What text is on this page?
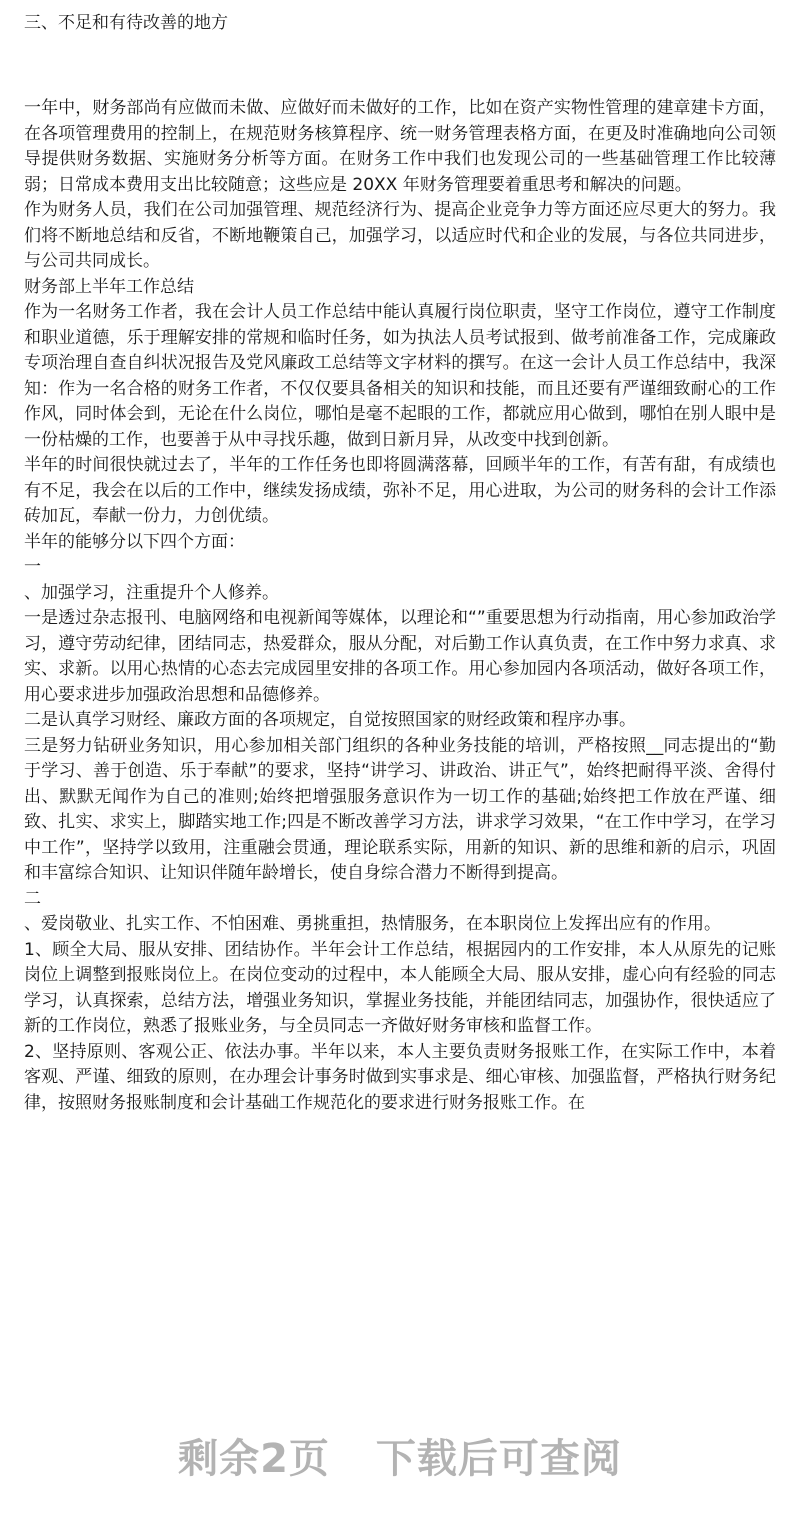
三、不足和有待改善的地方

一年中，财务部尚有应做而未做、应做好而未做好的工作，比如在资产实物性管理的建章建卡方面，在各项管理费用的控制上，在规范财务核算程序、统一财务管理表格方面，在更及时准确地向公司领导提供财务数据、实施财务分析等方面。在财务工作中我们也发现公司的一些基础管理工作比较薄弱；日常成本费用支出比较随意；这些应是 20XX 年财务管理要着重思考和解决的问题。

作为财务人员，我们在公司加强管理、规范经济行为、提高企业竞争力等方面还应尽更大的努力。我们将不断地总结和反省，不断地鞭策自己，加强学习，以适应时代和企业的发展，与各位共同进步，与公司共同成长。

财务部上半年工作总结

作为一名财务工作者，我在会计人员工作总结中能认真履行岗位职责，坚守工作岗位，遵守工作制度和职业道德，乐于理解安排的常规和临时任务，如为执法人员考试报到、做考前准备工作，完成廉政专项治理自查自纠状况报告及党风廉政工总结等文字材料的撰写。在这一会计人员工作总结中，我深知：作为一名合格的财务工作者，不仅仅要具备相关的知识和技能，而且还要有严谨细致耐心的工作作风，同时体会到，无论在什么岗位，哪怕是毫不起眼的工作，都就应用心做到，哪怕在别人眼中是一份枯燥的工作，也要善于从中寻找乐趣，做到日新月异，从改变中找到创新。

半年的时间很快就过去了，半年的工作任务也即将圆满落幕，回顾半年的工作，有苦有甜，有成绩也有不足，我会在以后的工作中，继续发扬成绩，弥补不足，用心进取，为公司的财务科的会计工作添砖加瓦，奉献一份力，力创优绩。

半年的能够分以下四个方面：

一

、加强学习，注重提升个人修养。

一是透过杂志报刊、电脑网络和电视新闻等媒体，以理论和“”重要思想为行动指南，用心参加政治学习，遵守劳动纪律，团结同志，热爱群众，服从分配，对后勤工作认真负责，在工作中努力求真、求实、求新。以用心热情的心态去完成园里安排的各项工作。用心参加园内各项活动，做好各项工作，用心要求进步加强政治思想和品德修养。

二是认真学习财经、廉政方面的各项规定，自觉按照国家的财经政策和程序办事。

三是努力钻研业务知识，用心参加相关部门组织的各种业务技能的培训，严格按照__同志提出的“勤于学习、善于创造、乐于奉献”的要求，坚持“讲学习、讲政治、讲正气”，始终把耐得平淡、舍得付出、默默无闻作为自己的准则;始终把增强服务意识作为一切工作的基础;始终把工作放在严谨、细致、扎实、求实上，脚踏实地工作;四是不断改善学习方法，讲求学习效果，“在工作中学习，在学习中工作”，坚持学以致用，注重融会贯通，理论联系实际，用新的知识、新的思维和新的启示，巩固和丰富综合知识、让知识伴随年龄增长，使自身综合潜力不断得到提高。

二

、爱岗敬业、扎实工作、不怕困难、勇挑重担，热情服务，在本职岗位上发挥出应有的作用。

1、顾全大局、服从安排、团结协作。半年会计工作总结，根据园内的工作安排，本人从原先的记账岗位上调整到报账岗位上。在岗位变动的过程中，本人能顾全大局、服从安排，虚心向有经验的同志学习，认真探索，总结方法，增强业务知识，掌握业务技能，并能团结同志，加强协作，很快适应了新的工作岗位，熟悉了报账业务，与全员同志一齐做好财务审核和监督工作。

2、坚持原则、客观公正、依法办事。半年以来，本人主要负责财务报账工作，在实际工作中，本着客观、严谨、细致的原则，在办理会计事务时做到实事求是、细心审核、加强监督，严格执行财务纪律，按照财务报账制度和会计基础工作规范化的要求进行财务报账工作。在

剩余2页 下载后可查阅
